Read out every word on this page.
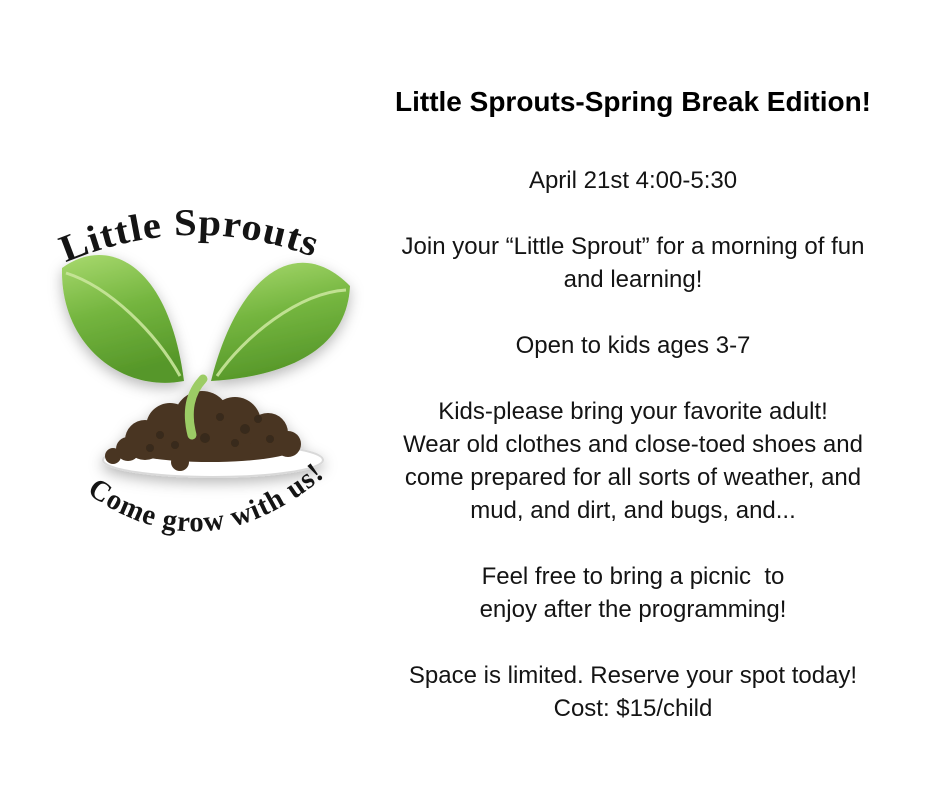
Little Sprouts
Come grow with us!
Little Sprouts-Spring Break Edition!
April 21st 4:00-5:30
Join your “Little Sprout” for a morning of fun
and learning!
Open to kids ages 3-7
Kids-please bring your favorite adult!
Wear old clothes and close-toed shoes and
come prepared for all sorts of weather, and
mud, and dirt, and bugs, and...
Feel free to bring a picnic  to
enjoy after the programming!
Space is limited. Reserve your spot today!
Cost: $15/child
